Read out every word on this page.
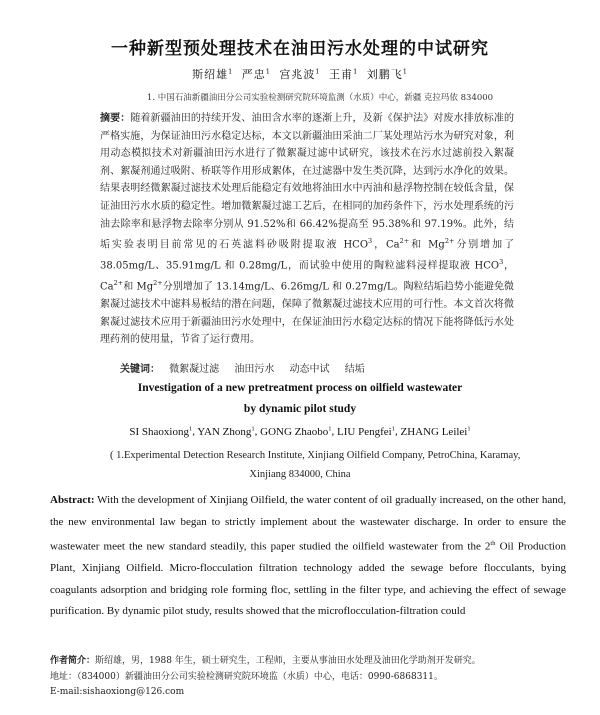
一种新型预处理技术在油田污水处理的中试研究
斯绍雄$^1$ 严忠$^1$ 宫兆波$^1$ 王甫$^1$ 刘鹏飞$^1$
1. 中国石油新疆油田分公司实验检测研究院环境监测（水质）中心，新疆 克拉玛依 834000
摘要：随着新疆油田的持续开发、油田含水率的逐渐上升，及新《保护法》对废水排放标准的严格实施，为保证油田污水稳定达标，本文以新疆油田采油二厂某处理站污水为研究对象，利用动态模拟技术对新疆油田污水进行了微絮凝过滤中试研究，该技术在污水过滤前投入絮凝剂、絮凝剂通过吸附、桥联等作用形成絮体，在过滤器中发生类沉降，达到污水净化的效果。结果表明经微絮凝过滤技术处理后能稳定有效地将油田水中丙油和悬浮物控制在较低含量，保证油田污水水质的稳定性。增加微絮凝过滤工艺后，在相同的加药条件下，污水处理系统的污油去除率和悬浮物去除率分别从 91.52%和 66.42%提高至 95.38%和 97.19%。此外，结垢实验表明目前常见的石英滤料砂吸附提取液 HCO$^3$，$Ca^{2+}$和 $Mg^{2+}$分别增加了 38.05mg/L、35.91mg/L 和 0.28mg/L，而试验中使用的陶粒滤料浸样提取液 HCO$^3$，$Ca^{2+}$和 $Mg^{2+}$分别增加了 13.14mg/L、6.26mg/L 和 0.27mg/L。陶粒结垢趋势小能避免微絮凝过滤技术中滤料易板结的潜在问题，保障了微絮凝过滤技术应用的可行性。本文首次将微絮凝过滤技术应用于新疆油田污水处理中，在保证油田污水稳定达标的情况下能将降低污水处理药剂的使用量，节省了运行费用。
关键词： 微絮凝过滤 油田污水 动态中试 结垢
Investigation of a new pretreatment process on oilfield wastewater
by dynamic pilot study
SI Shaoxiong$^1$, YAN Zhong$^1$, GONG Zhaobo$^1$, LIU Pengfei$^1$, ZHANG Leilei$^1$
( 1.Experimental Detection Research Institute, Xinjiang Oilfield Company, PetroChina, Karamay,
Xinjiang 834000, China
Abstract: With the development of Xinjiang Oilfield, the water content of oil gradually increased, on the other hand, the new environmental law began to strictly implement about the wastewater discharge. In order to ensure the wastewater meet the new standard steadily, this paper studied the oilfield wastewater from the 2th Oil Production Plant, Xinjiang Oilfield. Micro-flocculation filtration technology added the sewage before flocculants, bying coagulants adsorption and bridging role forming floc, settling in the filter type, and achieving the effect of sewage purification. By dynamic pilot study, results showed that the microflocculation-filtration could
作者简介：斯绍雄，男，1988 年生，硕士研究生，工程师，主要从事油田水处理及油田化学助剂开发研究。
地址：（834000）新疆油田分公司实验检测研究院环境监（水质）中心，电话：0990-6868311。
E-mail:sishaoxiong@126.com
